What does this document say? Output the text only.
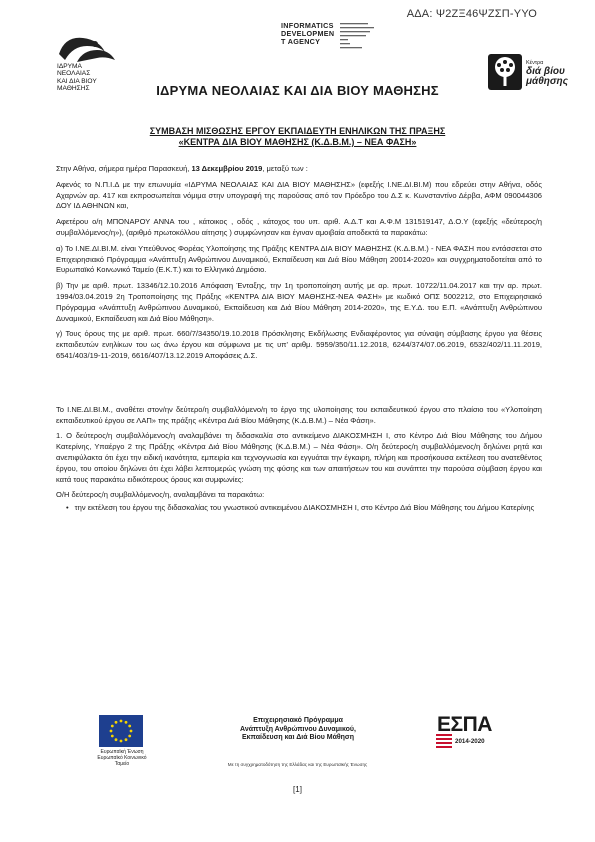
ΑΔΑ: Ψ2ΖΞ46ΨΖΣΠ-ΥΥΟ
ΙΔΡΥΜΑ
ΝΕΟΛΑΙΑΣ
ΚΑΙ ΔΙΑ ΒΙΟΥ
ΜΑΘΗΣΗΣ
INFORMATICS
DEVELOPMEN
T AGENCY
Κέντρα
διά βίου
μάθησης
ΙΔΡΥΜΑ ΝΕΟΛΑΙΑΣ ΚΑΙ ΔΙΑ ΒΙΟΥ ΜΑΘΗΣΗΣ
ΣΥΜΒΑΣΗ ΜΙΣΘΩΣΗΣ ΕΡΓΟΥ ΕΚΠΑΙΔΕΥΤΗ ΕΝΗΛΙΚΩΝ ΤΗΣ ΠΡΑΞΗΣ
«ΚΕΝΤΡΑ ΔΙΑ ΒΙΟΥ ΜΑΘΗΣΗΣ (Κ.Δ.Β.Μ.) – ΝΕΑ ΦΑΣΗ»

Στην Αθήνα, σήμερα ημέρα Παρασκευή, 13 Δεκεμβρίου 2019, μεταξύ των :

Αφενός το Ν.Π.Ι.Δ με την επωνυμία «ΙΔΡΥΜΑ ΝΕΟΛΑΙΑΣ ΚΑΙ ΔΙΑ ΒΙΟΥ ΜΑΘΗΣΗΣ» (εφεξής Ι.ΝΕ.ΔΙ.ΒΙ.Μ) που εδρεύει στην Αθήνα, οδός Αχαρνών αρ. 417 και εκπροσωπείται νόμιμα στην υπογραφή της παρούσας από τον Πρόεδρο του Δ.Σ κ. Κωνσταντίνο Δέρβα, ΑΦΜ 090044306 ΔΟΥ ΙΔ ΑΘΗΝΩΝ και,

Αφετέρου ο/η ΜΠΟΝΑΡΟΥ ΑΝΝΑ του , κάτοικος , οδός , κάτοχος του υπ. αριθ. Α.Δ.Τ και Α.Φ.Μ 131519147, Δ.Ο.Υ (εφεξής «δεύτερος/η συμβαλλόμενος/η»), (αριθμό πρωτοκόλλου αίτησης ) συμφώνησαν και έγιναν αμοιβαία αποδεκτά τα παρακάτω:

α) Το Ι.ΝΕ.ΔΙ.ΒΙ.Μ. είναι Υπεύθυνος Φορέας Υλοποίησης της Πράξης ΚΕΝΤΡΑ ΔΙΑ ΒΙΟΥ ΜΑΘΗΣΗΣ (Κ.Δ.Β.Μ.) - ΝΕΑ ΦΑΣΗ που εντάσσεται στο Επιχειρησιακό Πρόγραμμα «Ανάπτυξη Ανθρώπινου Δυναμικού, Εκπαίδευση και Διά Βίου Μάθηση 20014-2020» και συγχρηματοδοτείται από το Ευρωπαϊκό Κοινωνικό Ταμείο (Ε.Κ.Τ.) και το Ελληνικό Δημόσιο.

β) Την με αριθ. πρωτ. 13346/12.10.2016 Απόφαση Ένταξης, την 1η τροποποίηση αυτής με αρ. πρωτ. 10722/11.04.2017 και την αρ. πρωτ. 1994/03.04.2019 2η Τροποποίησης της Πράξης «ΚΕΝΤΡΑ ΔΙΑ ΒΙΟΥ ΜΑΘΗΣΗΣ-ΝΕΑ ΦΑΣΗ» με κωδικό ΟΠΣ 5002212, στο Επιχειρησιακό Πρόγραμμα «Ανάπτυξη Ανθρώπινου Δυναμικού, Εκπαίδευση και Διά Βίου Μάθηση 2014-2020», της Ε.Υ.Δ. του Ε.Π. «Ανάπτυξη Ανθρώπινου Δυναμικού, Εκπαίδευση και Διά Βίου Μάθηση».

γ) Τους όρους της με αριθ. πρωτ. 660/7/34350/19.10.2018 Πρόσκλησης Εκδήλωσης Ενδιαφέροντος για σύναψη σύμβασης έργου για θέσεις εκπαιδευτών ενηλίκων του ως άνω έργου και σύμφωνα με τις υπ' αριθμ. 5959/350/11.12.2018, 6244/374/07.06.2019, 6532/402/11.11.2019, 6541/403/19-11-2019, 6616/407/13.12.2019 Αποφάσεις Δ.Σ.

Το Ι.ΝΕ.ΔΙ.ΒΙ.Μ., αναθέτει στον/ην δεύτερο/η συμβαλλόμενο/η το έργο της υλοποίησης του εκπαιδευτικού έργου στο πλαίσιο του «Υλοποίηση εκπαιδευτικού έργου σε ΛΑΠ» της πράξης «Κέντρα Διά Βίου Μάθησης (Κ.Δ.Β.Μ.) – Νέα Φάση».

1. Ο δεύτερος/η συμβαλλόμενος/η αναλαμβάνει τη διδασκαλία στο αντικείμενο ΔΙΑΚΟΣΜΗΣΗ Ι, στο Κέντρο Διά Βίου Μάθησης του Δήμου Κατερίνης, Υπαέργο 2 της Πράξης «Κέντρα Διά Βίου Μάθησης (Κ.Δ.Β.Μ.) – Νέα Φάση». Ο/η δεύτερος/η συμβαλλόμενος/η δηλώνει ρητά και ανεπιφύλακτα ότι έχει την ειδική ικανότητα, εμπειρία και τεχνογνωσία και εγγυάται την έγκαιρη, πλήρη και προσήκουσα εκτέλεση του ανατεθέντος έργου, του οποίου δηλώνει ότι έχει λάβει λεπτομερώς γνώση της φύσης και των απαιτήσεων του και συνάπτει την παρούσα σύμβαση έργου και κατά τους παρακάτω ειδικότερους όρους και συμφωνίες:

Ο/Η δεύτερος/η συμβαλλόμενος/η, αναλαμβάνει τα παρακάτω:

• την εκτέλεση του έργου της διδασκαλίας του γνωστικού αντικειμένου ΔΙΑΚΟΣΜΗΣΗ Ι, στο Κέντρο Διά Βίου Μάθησης του Δήμου Κατερίνης
Ευρωπαϊκή Ένωση
Ευρωπαϊκό Κοινωνικό Ταμείο
Επιχειρησιακό Πρόγραμμα
Ανάπτυξη Ανθρώπινου Δυναμικού,
Εκπαίδευση και Διά Βίου Μάθηση
ΕΣΠΑ
2014-2020
Με τη συγχρηματοδότηση της Ελλάδας και της Ευρωπαϊκής Ένωσης
[1]
